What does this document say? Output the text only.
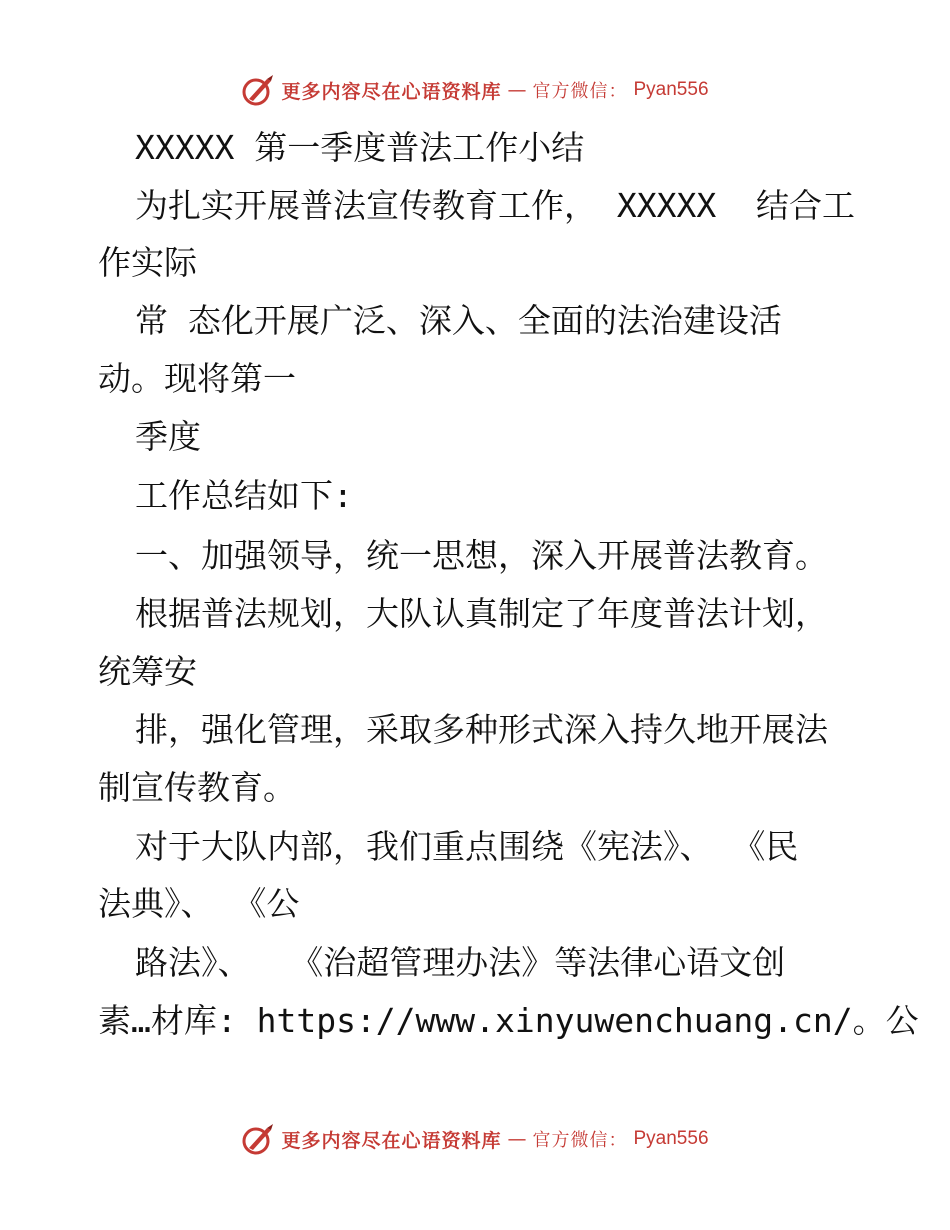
更多内容尽在心语资料库 — 官方微信： Pyan556
XXXXX 第一季度普法工作小结
为扎实开展普法宣传教育工作， XXXXX  结合工
作实际
常 态化开展广泛、深入、全面的法治建设活
动。现将第一
季度
工作总结如下:
一、加强领导，统一思想，深入开展普法教育。
根据普法规划，大队认真制定了年度普法计划，
统筹安
排，强化管理，采取多种形式深入持久地开展法
制宣传教育。
对于大队内部，我们重点围绕《宪法》、 《民
法典》、 《公
路法》、  《治超管理办法》等法律心语文创
素…材库: https://www.xinyuwenchuang.cn/。公
更多内容尽在心语资料库 — 官方微信： Pyan556
